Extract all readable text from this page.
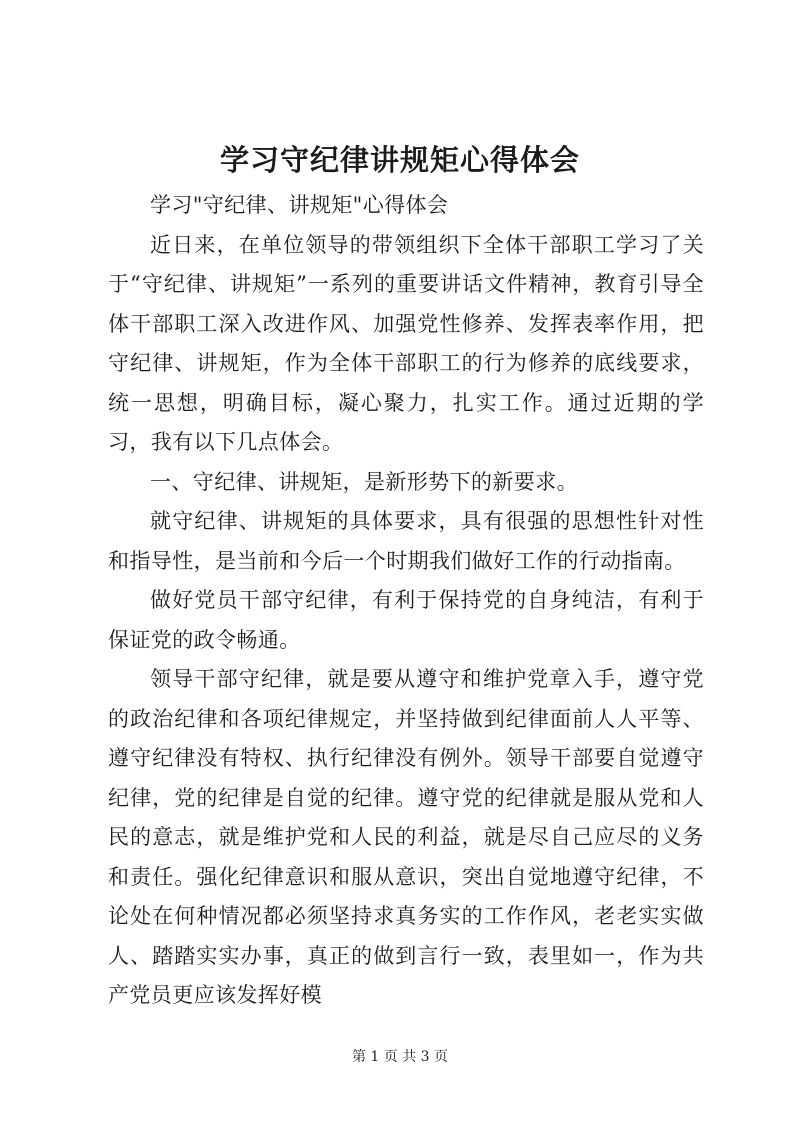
学习守纪律讲规矩心得体会

学习"守纪律、讲规矩"心得体会

近日来，在单位领导的带领组织下全体干部职工学习了关于“守纪律、讲规矩”一系列的重要讲话文件精神，教育引导全体干部职工深入改进作风、加强党性修养、发挥表率作用，把守纪律、讲规矩，作为全体干部职工的行为修养的底线要求，统一思想，明确目标，凝心聚力，扎实工作。通过近期的学习，我有以下几点体会。

一、守纪律、讲规矩，是新形势下的新要求。

就守纪律、讲规矩的具体要求，具有很强的思想性针对性和指导性，是当前和今后一个时期我们做好工作的行动指南。

做好党员干部守纪律，有利于保持党的自身纯洁，有利于保证党的政令畅通。

领导干部守纪律，就是要从遵守和维护党章入手，遵守党的政治纪律和各项纪律规定，并坚持做到纪律面前人人平等、遵守纪律没有特权、执行纪律没有例外。领导干部要自觉遵守纪律，党的纪律是自觉的纪律。遵守党的纪律就是服从党和人民的意志，就是维护党和人民的利益，就是尽自己应尽的义务和责任。强化纪律意识和服从意识，突出自觉地遵守纪律，不论处在何种情况都必须坚持求真务实的工作作风，老老实实做人、踏踏实实办事，真正的做到言行一致，表里如一，作为共产党员更应该发挥好模

第 1 页 共 3 页
